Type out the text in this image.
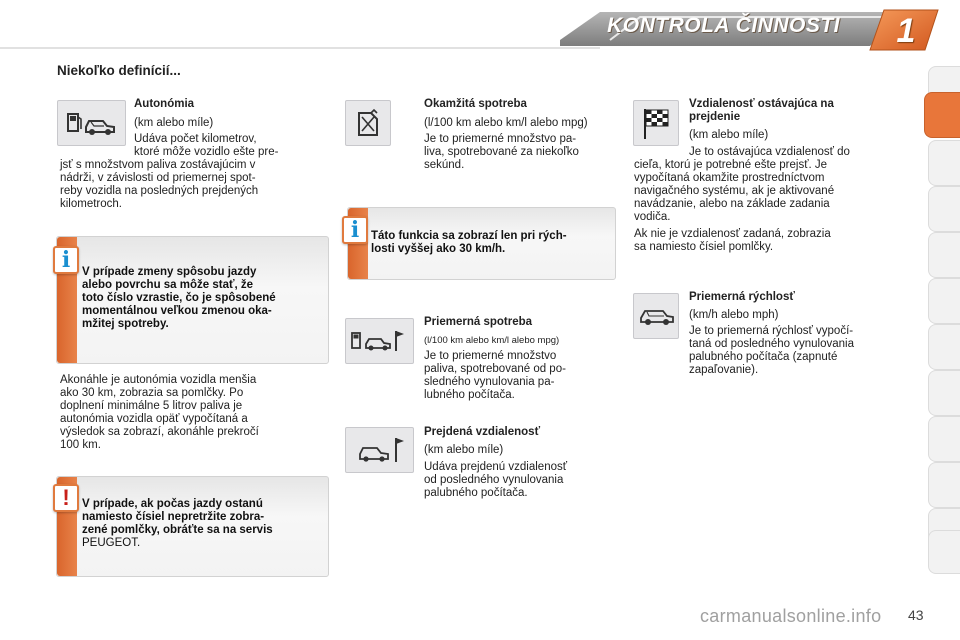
KONTROLA ČINNOSTI	1
Niekoľko definícií...
Autonómia
(km alebo míle)
Udáva počet kilometrov,
ktoré môže vozidlo ešte pre-
jsť s množstvom paliva zostávajúcim v
nádrži, v závislosti od priemernej spot-
reby vozidla na posledných prejdených
kilometroch.
i	V prípade zmeny spôsobu jazdy
alebo povrchu sa môže stať, že
toto číslo vzrastie, čo je spôsobené
momentálnou veľkou zmenou oka-
mžitej spotreby.
Akonáhle je autonómia vozidla menšia
ako 30 km, zobrazia sa pomlčky. Po
doplnení minimálne 5 litrov paliva je
autonómia vozidla opäť vypočítaná a
výsledok sa zobrazí, akonáhle prekročí
100 km.
!	V prípade, ak počas jazdy ostanú
namiesto čísiel nepretržite zobra-
zené pomlčky, obráťte sa na servis
PEUGEOT.
Okamžitá spotreba
(l/100 km alebo km/l alebo mpg)
Je to priemerné množstvo pa-
liva, spotrebované za niekoľko
sekúnd.
i	Táto funkcia sa zobrazí len pri rých-
losti vyššej ako 30 km/h.
Priemerná spotreba
(l/100 km alebo km/l alebo mpg)
Je to priemerné množstvo
paliva, spotrebované od po-
sledného vynulovania pa-
lubného počítača.
Prejdená vzdialenosť
(km alebo míle)
Udáva prejdenú vzdialenosť
od posledného vynulovania
palubného počítača.
Vzdialenosť ostávajúca na
prejdenie
(km alebo míle)
Je to ostávajúca vzdialenosť do
cieľa, ktorú je potrebné ešte prejsť. Je
vypočítaná okamžite prostredníctvom
navigačného systému, ak je aktivované
navádzanie, alebo na základe zadania
vodiča.
Ak nie je vzdialenosť zadaná, zobrazia
sa namiesto čísiel pomlčky.
Priemerná rýchlosť
(km/h alebo mph)
Je to priemerná rýchlosť vypočí-
taná od posledného vynulovania
palubného počítača (zapnuté
zapaľovanie).
43
carmanualsonline.info
